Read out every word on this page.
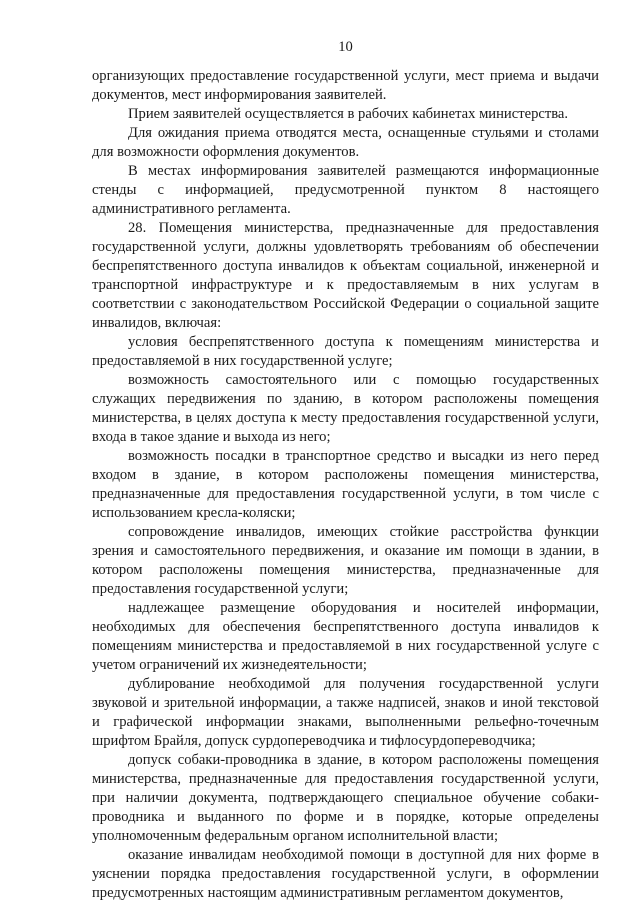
10

организующих предоставление государственной услуги, мест приема и выдачи документов, мест информирования заявителей.

Прием заявителей осуществляется в рабочих кабинетах министерства.

Для ожидания приема отводятся места, оснащенные стульями и столами для возможности оформления документов.

В местах информирования заявителей размещаются информационные стенды с информацией, предусмотренной пунктом 8 настоящего административного регламента.

28. Помещения министерства, предназначенные для предоставления государственной услуги, должны удовлетворять требованиям об обеспечении беспрепятственного доступа инвалидов к объектам социальной, инженерной и транспортной инфраструктуре и к предоставляемым в них услугам в соответствии с законодательством Российской Федерации о социальной защите инвалидов, включая:

условия беспрепятственного доступа к помещениям министерства и предоставляемой в них государственной услуге;

возможность самостоятельного или с помощью государственных служащих передвижения по зданию, в котором расположены помещения министерства, в целях доступа к месту предоставления государственной услуги, входа в такое здание и выхода из него;

возможность посадки в транспортное средство и высадки из него перед входом в здание, в котором расположены помещения министерства, предназначенные для предоставления государственной услуги, в том числе с использованием кресла-коляски;

сопровождение инвалидов, имеющих стойкие расстройства функции зрения и самостоятельного передвижения, и оказание им помощи в здании, в котором расположены помещения министерства, предназначенные для предоставления государственной услуги;

надлежащее размещение оборудования и носителей информации, необходимых для обеспечения беспрепятственного доступа инвалидов к помещениям министерства и предоставляемой в них государственной услуге с учетом ограничений их жизнедеятельности;

дублирование необходимой для получения государственной услуги звуковой и зрительной информации, а также надписей, знаков и иной текстовой и графической информации знаками, выполненными рельефно-точечным шрифтом Брайля, допуск сурдопереводчика и тифлосурдопереводчика;

допуск собаки-проводника в здание, в котором расположены помещения министерства, предназначенные для предоставления государственной услуги, при наличии документа, подтверждающего специальное обучение собаки-проводника и выданного по форме и в порядке, которые определены уполномоченным федеральным органом исполнительной власти;

оказание инвалидам необходимой помощи в доступной для них форме в уяснении порядка предоставления государственной услуги, в оформлении предусмотренных настоящим административным регламентом документов,
